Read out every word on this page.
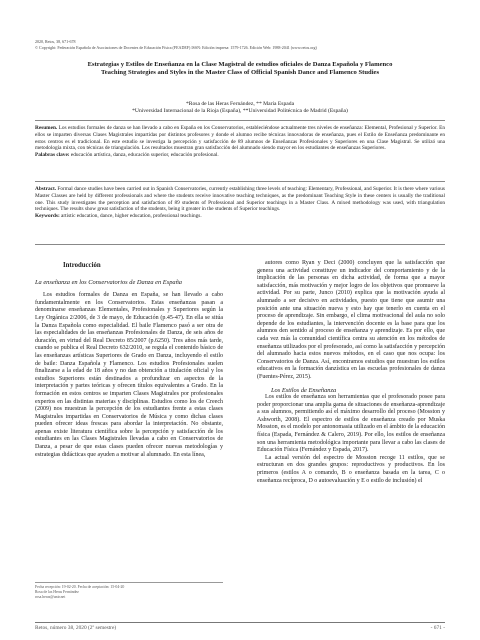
2020, Retos, 38, 671-678
© Copyright: Federación Española de Asociaciones de Docentes de Educación Física (FEADEF) ISSN: Edición impresa: 1579-1726. Edición Web: 1988-2041 (www.retos.org)
Estrategias y Estilos de Enseñanza en la Clase Magistral de estudios oficiales de Danza Española y Flamenco
Teaching Strategies and Styles in the Master Class of Official Spanish Dance and Flamenco Studies
*Rosa de las Heras Fernández, ** María Espada
*Universidad Internacional de la Rioja (España), **Universidad Politécnica de Madrid (España)
Resumen. Los estudios formales de danza se han llevado a cabo en España en los Conservatorios, estableciéndose actualmente tres niveles de enseñanza: Elemental, Profesional y Superior. En ellos se imparten diversas Clases Magistrales impartidas por distintos profesores y donde el alumno recibe técnicas innovadoras de enseñanza, pues el Estilo de Enseñanza predominante en estos centros es el tradicional. En este estudio se investiga la percepción y satisfacción de 89 alumnos de Enseñanzas Profesionales y Superiores en una Clase Magistral. Se utilizó una metodología mixta, con técnicas de triangulación. Los resultados muestran gran satisfacción del alumnado siendo mayor en los estudiantes de enseñanzas Superiores.
Palabras clave: educación artística, danza, educación superior, educación profesional.
Abstract. Formal dance studies have been carried out in Spanish Conservatories, currently establishing three levels of teaching: Elementary, Professional, and Superior. It is there where various Master Classes are held by different professionals and where the students receive innovative teaching techniques, as the predominant Teaching Style in these centers is usually the traditional one. This study investigates the perception and satisfaction of 89 students of Professional and Superior teachings in a Master Class. A mixed methodology was used, with triangulation techniques. The results show great satisfaction of the students, being it greater in the students of Superior teachings.
Keywords: artistic education, dance, higher education, professional teachings.
Introducción

La enseñanza en los Conservatorios de Danza en España

Los estudios formales de Danza en España, se han llevado a cabo fundamentalmente en los Conservatorios. Estas enseñanzas pasan a denominarse enseñanzas Elementales, Profesionales y Superiores según la Ley Orgánica 2/2006, de 3 de mayo, de Educación (p.45-47). En ella se sitúa la Danza Española como especialidad. El baile Flamenco pasó a ser otra de las especialidades de las enseñanzas Profesionales de Danza, de seis años de duración, en virtud del Real Decreto 85/2007 (p.6250). Tres años más tarde, cuando se publica el Real Decreto 632/2010, se regula el contenido básico de las enseñanzas artísticas Superiores de Grado en Danza, incluyendo el estilo de baile: Danza Española y Flamenco. Los estudios Profesionales suelen finalizarse a la edad de 18 años y no dan obtención a titulación oficial y los estudios Superiores están destinados a profundizar en aspectos de la interpretación y partes teóricas y ofrecen títulos equivalentes a Grado. En la formación en estos centros se imparten Clases Magistrales por profesionales expertos en las distintas materias y disciplinas. Estudios como los de Creech (2009) nos muestran la percepción de los estudiantes frente a estas clases Magistrales impartidas en Conservatorios de Música y como dichas clases pueden ofrecer ideas frescas para abordar la interpretación. No obstante, apenas existe literatura científica sobre la percepción y satisfacción de los estudiantes en las Clases Magistrales llevadas a cabo en Conservatorios de Danza, a pesar de que estas clases pueden ofrecer nuevas metodologías y estrategias didácticas que ayuden a motivar al alumnado. En esta línea,

autores como Ryan y Deci (2000) concluyen que la satisfacción que genera una actividad constituye un indicador del comportamiento y de la implicación de las personas en dicha actividad, de forma que a mayor satisfacción, más motivación y mejor logro de los objetivos que promueve la actividad. Por su parte, Junco (2010) explica que la motivación ayuda al alumnado a ser decisivo en actividades, puesto que tiene que asumir una posición ante una situación nueva y esto hay que tenerlo en cuenta en el proceso de aprendizaje. Sin embargo, el clima motivacional del aula no solo depende de los estudiantes, la intervención docente es la base para que los alumnos den sentido al proceso de enseñanza y aprendizaje. Es por ello, que cada vez más la comunidad científica centra su atención en los métodos de enseñanza utilizados por el profesorado, así como la satisfacción y percepción del alumnado hacia estos nuevos métodos, en el caso que nos ocupa: los Conservatorios de Danza. Así, encontramos estudios que muestran los estilos educativos en la formación danzística en las escuelas profesionales de danza (Fuentes-Pérez, 2015).

Los Estilos de Enseñanza

Los estilos de enseñanza son herramientas que el profesorado posee para poder proporcionar una amplia gama de situaciones de enseñanza-aprendizaje a sus alumnos, permitiendo así el máximo desarrollo del proceso (Mosston y Ashworth, 2008). El espectro de estilos de enseñanza creado por Muska Mosston, es el modelo por antonomasia utilizado en el ámbito de la educación física (Espada, Fernández & Calero, 2019). Por ello, los estilos de enseñanza son una herramienta metodológica importante para llevar a cabo las clases de Educación Física (Fernández y Espada, 2017).

La actual versión del espectro de Mosston recoge 11 estilos, que se estructuran en dos grandes grupos: reproductivos y productivos. En los primeros (estilos A o comando, B o enseñanza basada en la tarea, C o enseñanza recíproca, D o autoevaluación y E o estilo de inclusión) el

Fecha recepción: 19-02-20. Fecha de aceptación: 15-04-20
Rosa de las Heras Fernández
rosa.heras@unir.net
Retos, número 38, 2020 (2º semestre)	- 671 -
